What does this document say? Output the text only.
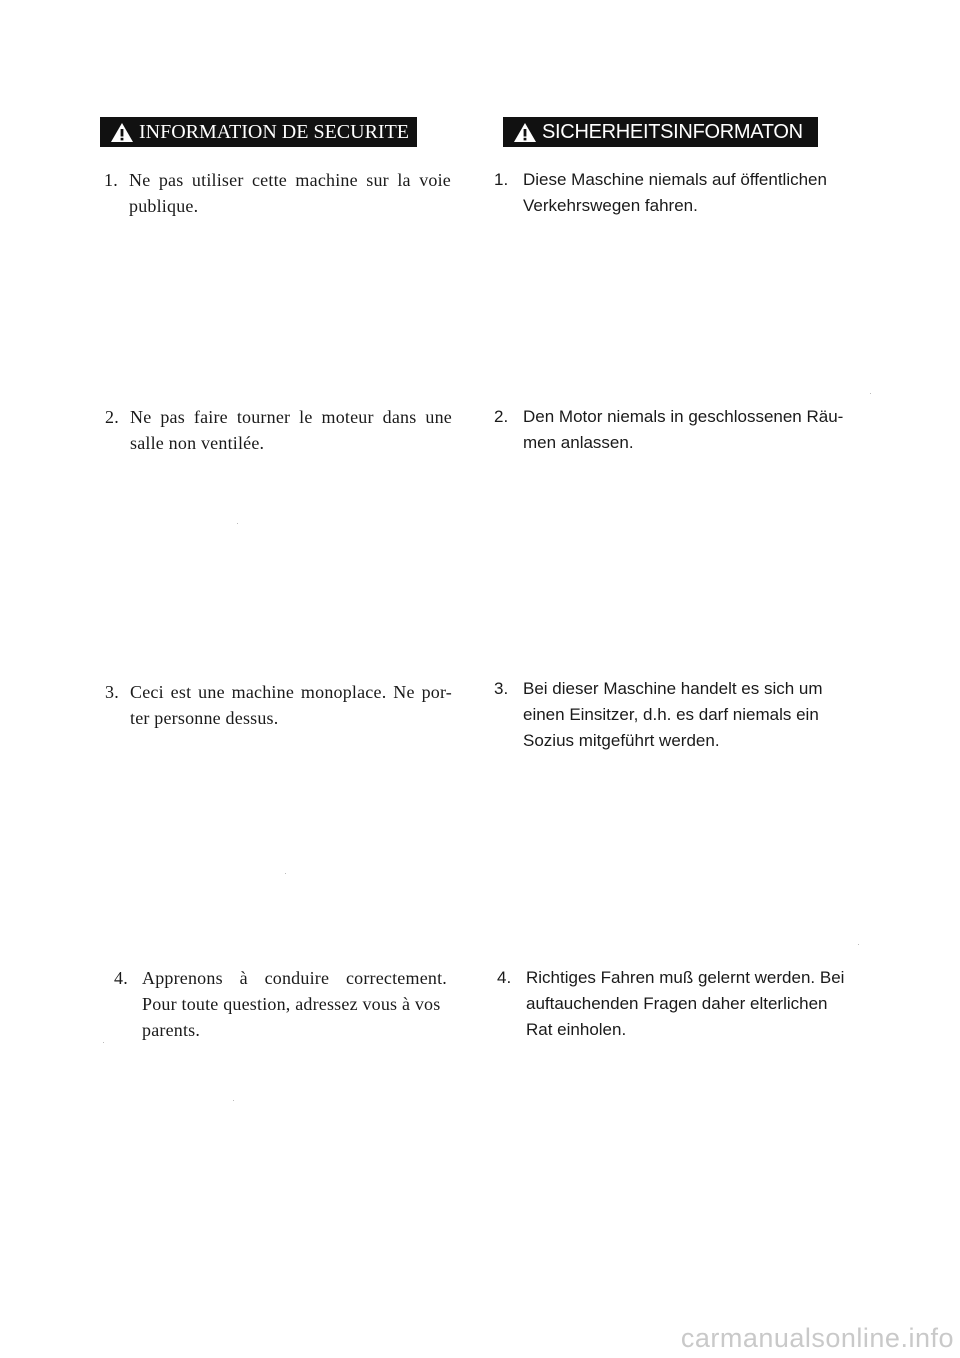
INFORMATION DE SECURITE	SICHERHEITSINFORMATON
1. Ne pas utiliser cette machine sur la voie
publique.
2. Ne pas faire tourner le moteur dans une
salle non ventilée.
3. Ceci est une machine monoplace. Ne por-
ter personne dessus.
4. Apprenons à conduire correctement.
Pour toute question, adressez vous à vos
parents.
1. Diese Maschine niemals auf öffentlichen
Verkehrswegen fahren.
2. Den Motor niemals in geschlossenen Räu-
men anlassen.
3. Bei dieser Maschine handelt es sich um
einen Einsitzer, d.h. es darf niemals ein
Sozius mitgeführt werden.
4. Richtiges Fahren muß gelernt werden. Bei
auftauchenden Fragen daher elterlichen
Rat einholen.
carmanualsonline.info
